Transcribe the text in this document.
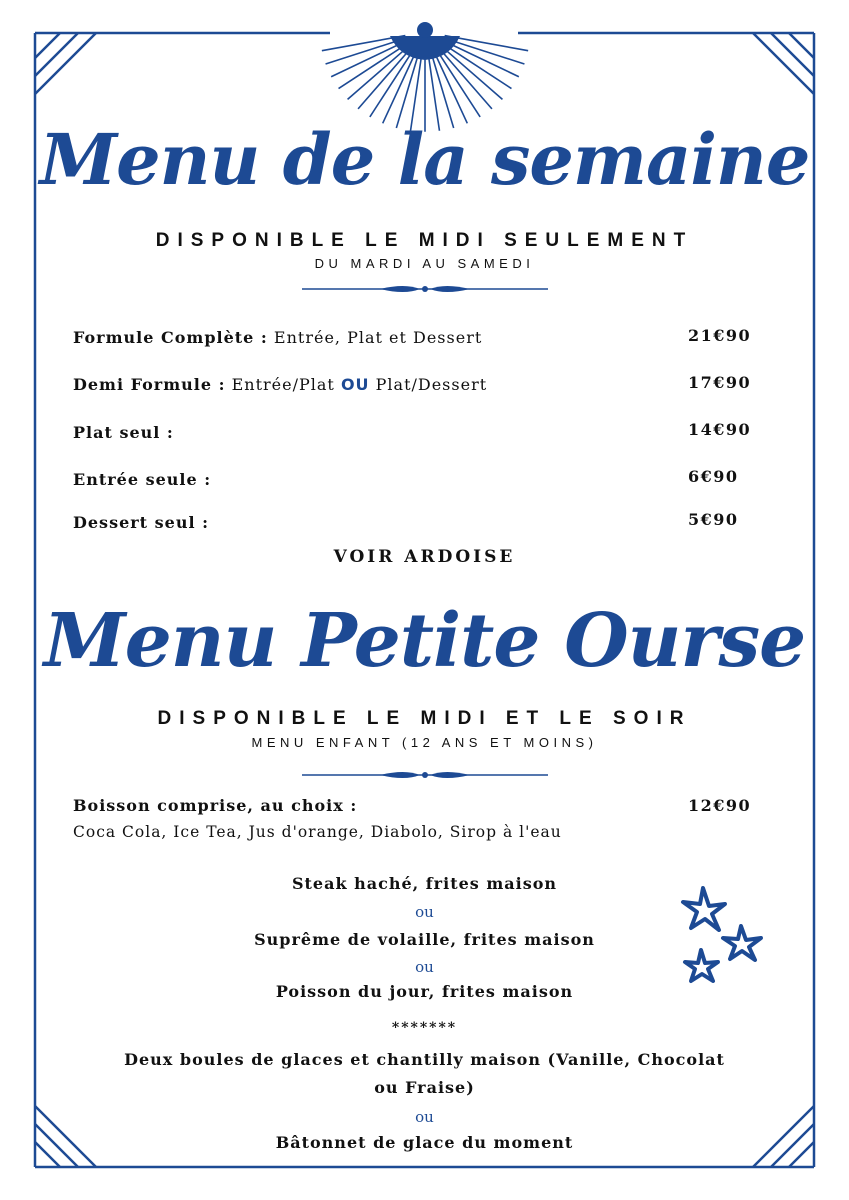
Menu de la semaine
DISPONIBLE LE MIDI SEULEMENT
DU MARDI AU SAMEDI
Formule Complète : Entrée, Plat et Dessert	21€90
Demi Formule : Entrée/Plat OU Plat/Dessert	17€90
Plat seul :	14€90
Entrée seule :	6€90
Dessert seul :	5€90
VOIR ARDOISE
Menu Petite Ourse
DISPONIBLE LE MIDI ET LE SOIR
MENU ENFANT (12 ANS ET MOINS)
Boisson comprise, au choix :	12€90
Coca Cola, Ice Tea, Jus d'orange, Diabolo, Sirop à l'eau
Steak haché, frites maison
ou
Suprême de volaille, frites maison
ou
Poisson du jour, frites maison
*******
Deux boules de glaces et chantilly maison (Vanille, Chocolat
ou Fraise)
ou
Bâtonnet de glace du moment
